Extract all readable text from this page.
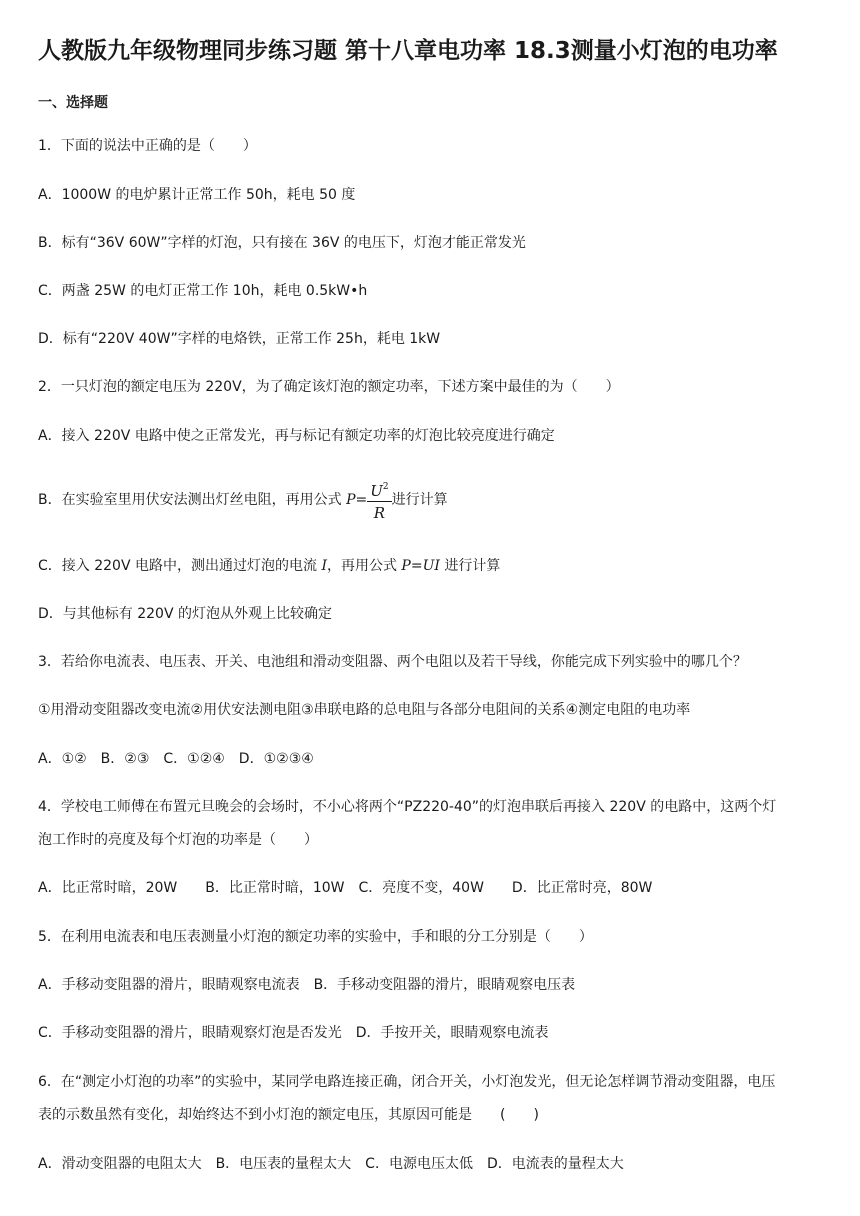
人教版九年级物理同步练习题 第十八章电功率 18.3测量小灯泡的电功率
一、选择题
1．下面的说法中正确的是（　　）
A．1000W 的电炉累计正常工作 50h，耗电 50 度
B．标有“36V 60W”字样的灯泡，只有接在 36V 的电压下，灯泡才能正常发光
C．两盏 25W 的电灯正常工作 10h，耗电 0.5kW•h
D．标有“220V 40W”字样的电烙铁，正常工作 25h，耗电 1kW
2．一只灯泡的额定电压为 220V，为了确定该灯泡的额定功率，下述方案中最佳的为（　　）
A．接入 220V 电路中使之正常发光，再与标记有额定功率的灯泡比较亮度进行确定
B．在实验室里用伏安法测出灯丝电阻，再用公式 $P= \frac{U^2}{R}$ 进行计算
C．接入 220V 电路中，测出通过灯泡的电流 I，再用公式 P=UI 进行计算
D．与其他标有 220V 的灯泡从外观上比较确定
3．若给你电流表、电压表、开关、电池组和滑动变阻器、两个电阻以及若干导线，你能完成下列实验中的哪几个？
①用滑动变阻器改变电流②用伏安法测电阻③串联电路的总电阻与各部分电阻间的关系④测定电阻的电功率
A．①②　B．②③　C．①②④　D．①②③④
4．学校电工师傅在布置元旦晚会的会场时，不小心将两个“PZ220-40”的灯泡串联后再接入 220V 的电路中，这两个灯
泡工作时的亮度及每个灯泡的功率是（　　）
A．比正常时暗，20W　　B．比正常时暗，10W　C．亮度不变，40W　　D．比正常时亮，80W
5．在利用电流表和电压表测量小灯泡的额定功率的实验中，手和眼的分工分别是（　　）
A．手移动变阻器的滑片，眼睛观察电流表　B．手移动变阻器的滑片，眼睛观察电压表
C．手移动变阻器的滑片，眼睛观察灯泡是否发光　D．手按开关，眼睛观察电流表
6．在“测定小灯泡的功率”的实验中，某同学电路连接正确，闭合开关，小灯泡发光，但无论怎样调节滑动变阻器，电压
表的示数虽然有变化，却始终达不到小灯泡的额定电压，其原因可能是　　(　　)
A．滑动变阻器的电阻太大　B．电压表的量程太大　C．电源电压太低　D．电流表的量程太大
